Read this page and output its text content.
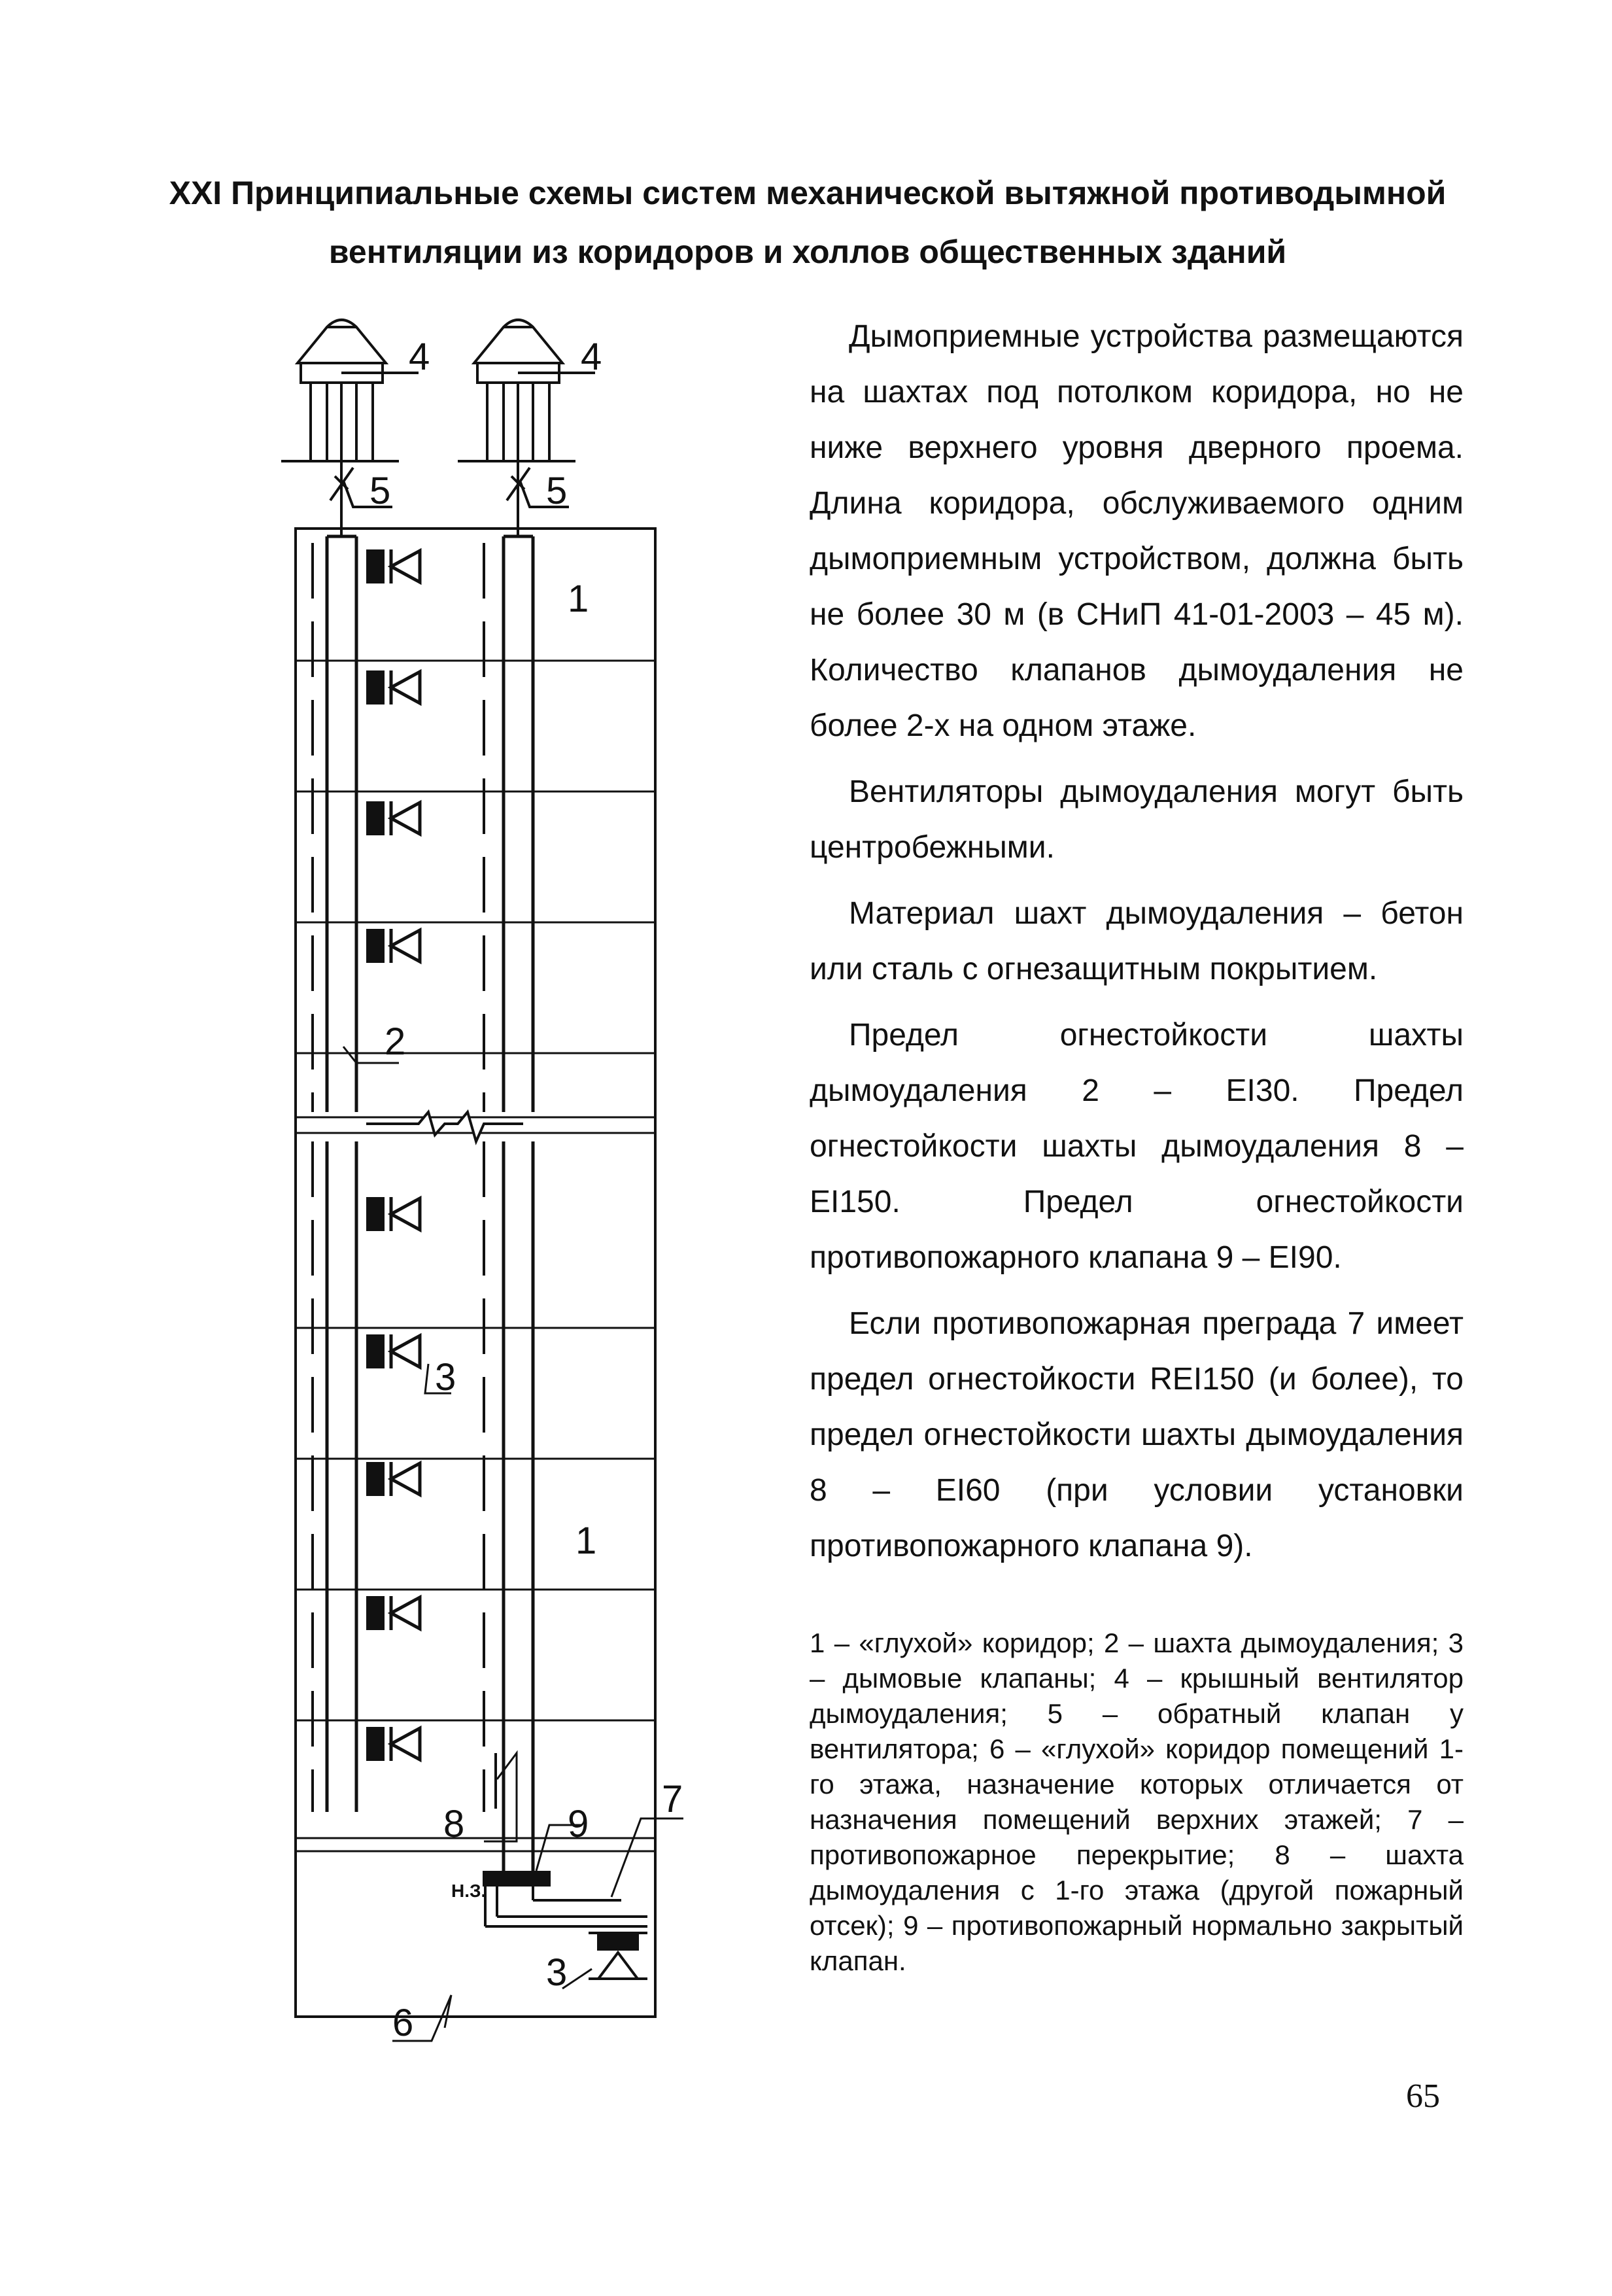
XXI Принципиальные схемы систем механической вытяжной противодымной
вентиляции из коридоров и холлов общественных зданий
4	4
5	5
1
2
3
1
8	9
7
Н.З.
3
6

Дымоприемные устройства размещаются на шахтах под потолком коридора, но не ниже верхнего уровня дверного проема. Длина коридора, обслуживаемого одним дымоприемным устройством, должна быть не более 30 м (в СНиП 41-01-2003 – 45 м). Количество клапанов дымоудаления не более 2-х на одном этаже.

Вентиляторы дымоудаления могут быть центробежными.

Материал шахт дымоудаления – бетон или сталь с огнезащитным покрытием.

Предел огнестойкости шахты дымоудаления 2 – EI30. Предел огнестойкости шахты дымоудаления 8 – EI150. Предел огнестойкости противопожарного клапана 9 – EI90.

Если противопожарная преграда 7 имеет предел огнестойкости REI150 (и более), то предел огнестойкости шахты дымоудаления 8 – EI60 (при условии установки противопожарного клапана 9).

1 – «глухой» коридор; 2 – шахта дымоудаления; 3 – дымовые клапаны; 4 – крышный вентилятор дымоудаления; 5 – обратный клапан у вентилятора; 6 – «глухой» коридор помещений 1-го этажа, назначение которых отличается от назначения помещений верхних этажей; 7 – противопожарное перекрытие; 8 – шахта дымоудаления с 1-го этажа (другой пожарный отсек); 9 – противопожарный нормально закрытый клапан.

65
